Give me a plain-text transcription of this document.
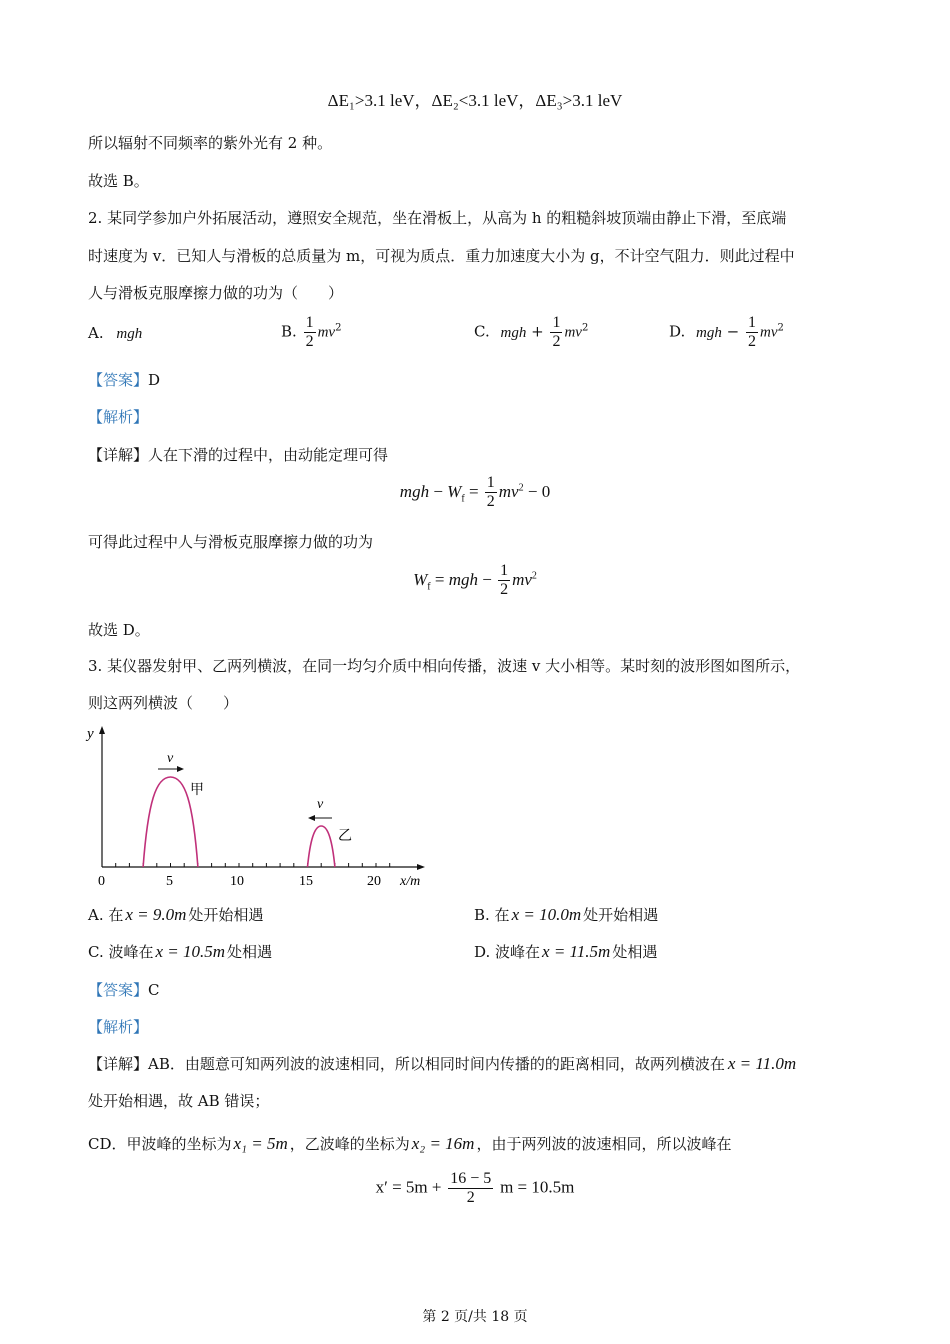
ΔE₁>3.1 leV，ΔE₂<3.1 leV，ΔE₃>3.1 leV
所以辐射不同频率的紫外光有 2 种。
故选 B。
2. 某同学参加户外拓展活动，遵照安全规范，坐在滑板上，从高为 h 的粗糙斜坡顶端由静止下滑，至底端
时速度为 v．已知人与滑板的总质量为 m，可视为质点．重力加速度大小为 g，不计空气阻力．则此过程中
人与滑板克服摩擦力做的功为（　　）
A. mgh	B. $\frac{1}{2} mv^2$	C. mgh + $\frac{1}{2} mv^2$	D. mgh − $\frac{1}{2} mv^2$
【答案】D
【解析】
【详解】人在下滑的过程中，由动能定理可得
mgh − $W_f = \frac{1}{2} mv^2 - 0$
可得此过程中人与滑板克服摩擦力做的功为
$W_f$ = mgh − $\frac{1}{2} mv^2$
故选 D。
3. 某仪器发射甲、乙两列横波，在同一均匀介质中相向传播，波速 v 大小相等。某时刻的波形图如图所示，
则这两列横波（　　）
y
x/m
0	5	10	15	20
v
v
甲
乙
A. 在 x = 9.0m 处开始相遇	B. 在 x = 10.0m 处开始相遇
C. 波峰在 x = 10.5m 处相遇	D. 波峰在 x = 11.5m 处相遇
【答案】C
【解析】
【详解】AB．由题意可知两列波的波速相同，所以相同时间内传播的的距离相同，故两列横波在 x = 11.0m
处开始相遇，故 AB 错误；
CD．甲波峰的坐标为 x₁ = 5m ，乙波峰的坐标为 x₂ = 16m ，由于两列波的波速相同，所以波峰在
$x' = 5m + \frac{16 - 5}{2}$ m = 10.5m
第 2 页/共 18 页
